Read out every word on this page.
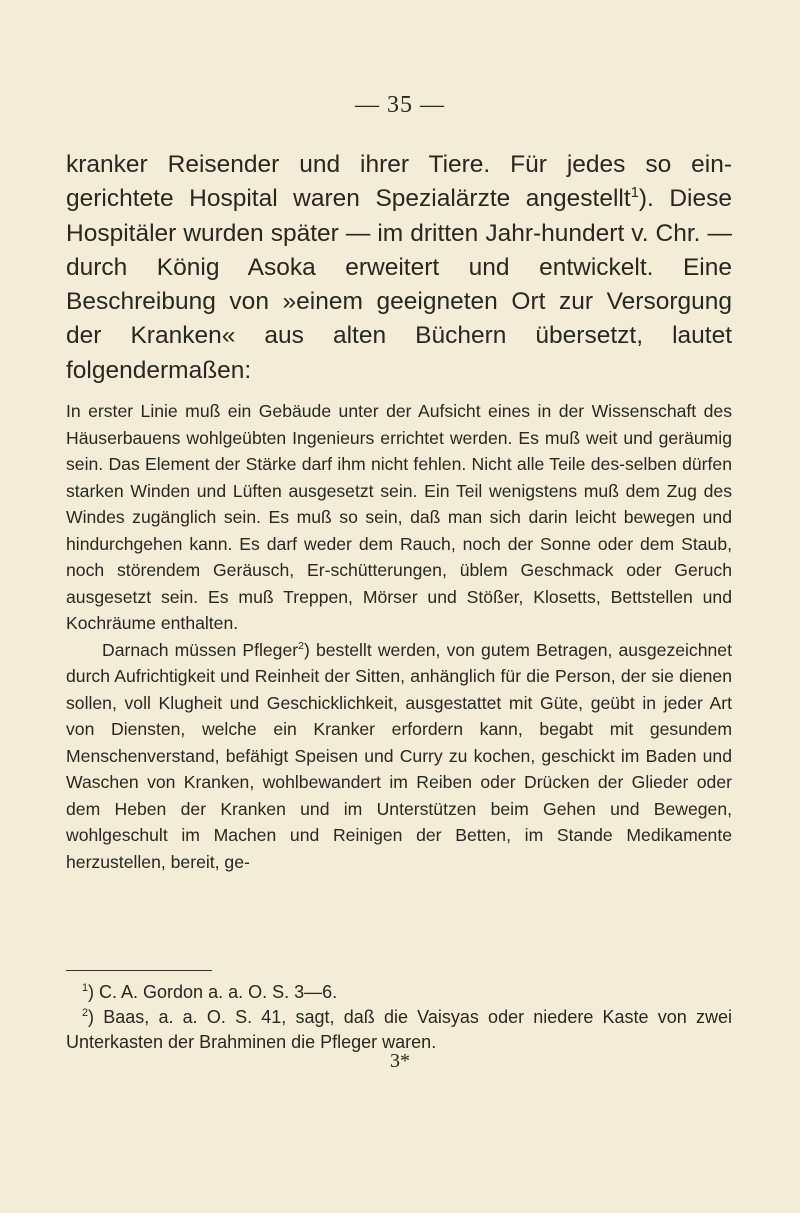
— 35 —

kranker Reisender und ihrer Tiere. Für jedes so ein-gerichtete Hospital waren Spezialärzte angestellt$^1$). Diese Hospitäler wurden später — im dritten Jahr-hundert v. Chr. — durch König Asoka erweitert und entwickelt. Eine Beschreibung von »einem geeigneten Ort zur Versorgung der Kranken« aus alten Büchern übersetzt, lautet folgendermaßen:

In erster Linie muß ein Gebäude unter der Aufsicht eines in der Wissenschaft des Häuserbauens wohlgeübten Ingenieurs errichtet werden. Es muß weit und geräumig sein. Das Element der Stärke darf ihm nicht fehlen. Nicht alle Teile des-selben dürfen starken Winden und Lüften ausgesetzt sein. Ein Teil wenigstens muß dem Zug des Windes zugänglich sein. Es muß so sein, daß man sich darin leicht bewegen und hindurchgehen kann. Es darf weder dem Rauch, noch der Sonne oder dem Staub, noch störendem Geräusch, Er-schütterungen, üblem Geschmack oder Geruch ausgesetzt sein. Es muß Treppen, Mörser und Stößer, Klosetts, Bettstellen und Kochräume enthalten.

Darnach müssen Pfleger$^2$) bestellt werden, von gutem Betragen, ausgezeichnet durch Aufrichtigkeit und Reinheit der Sitten, anhänglich für die Person, der sie dienen sollen, voll Klugheit und Geschicklichkeit, ausgestattet mit Güte, geübt in jeder Art von Diensten, welche ein Kranker erfordern kann, begabt mit gesundem Menschenverstand, befähigt Speisen und Curry zu kochen, geschickt im Baden und Waschen von Kranken, wohlbewandert im Reiben oder Drücken der Glieder oder dem Heben der Kranken und im Unterstützen beim Gehen und Bewegen, wohlgeschult im Machen und Reinigen der Betten, im Stande Medikamente herzustellen, bereit, ge-

$^1$) C. A. Gordon a. a. O. S. 3—6.

$^2$) Baas, a. a. O. S. 41, sagt, daß die Vaisyas oder niedere Kaste von zwei Unterkasten der Brahminen die Pfleger waren.

3*
